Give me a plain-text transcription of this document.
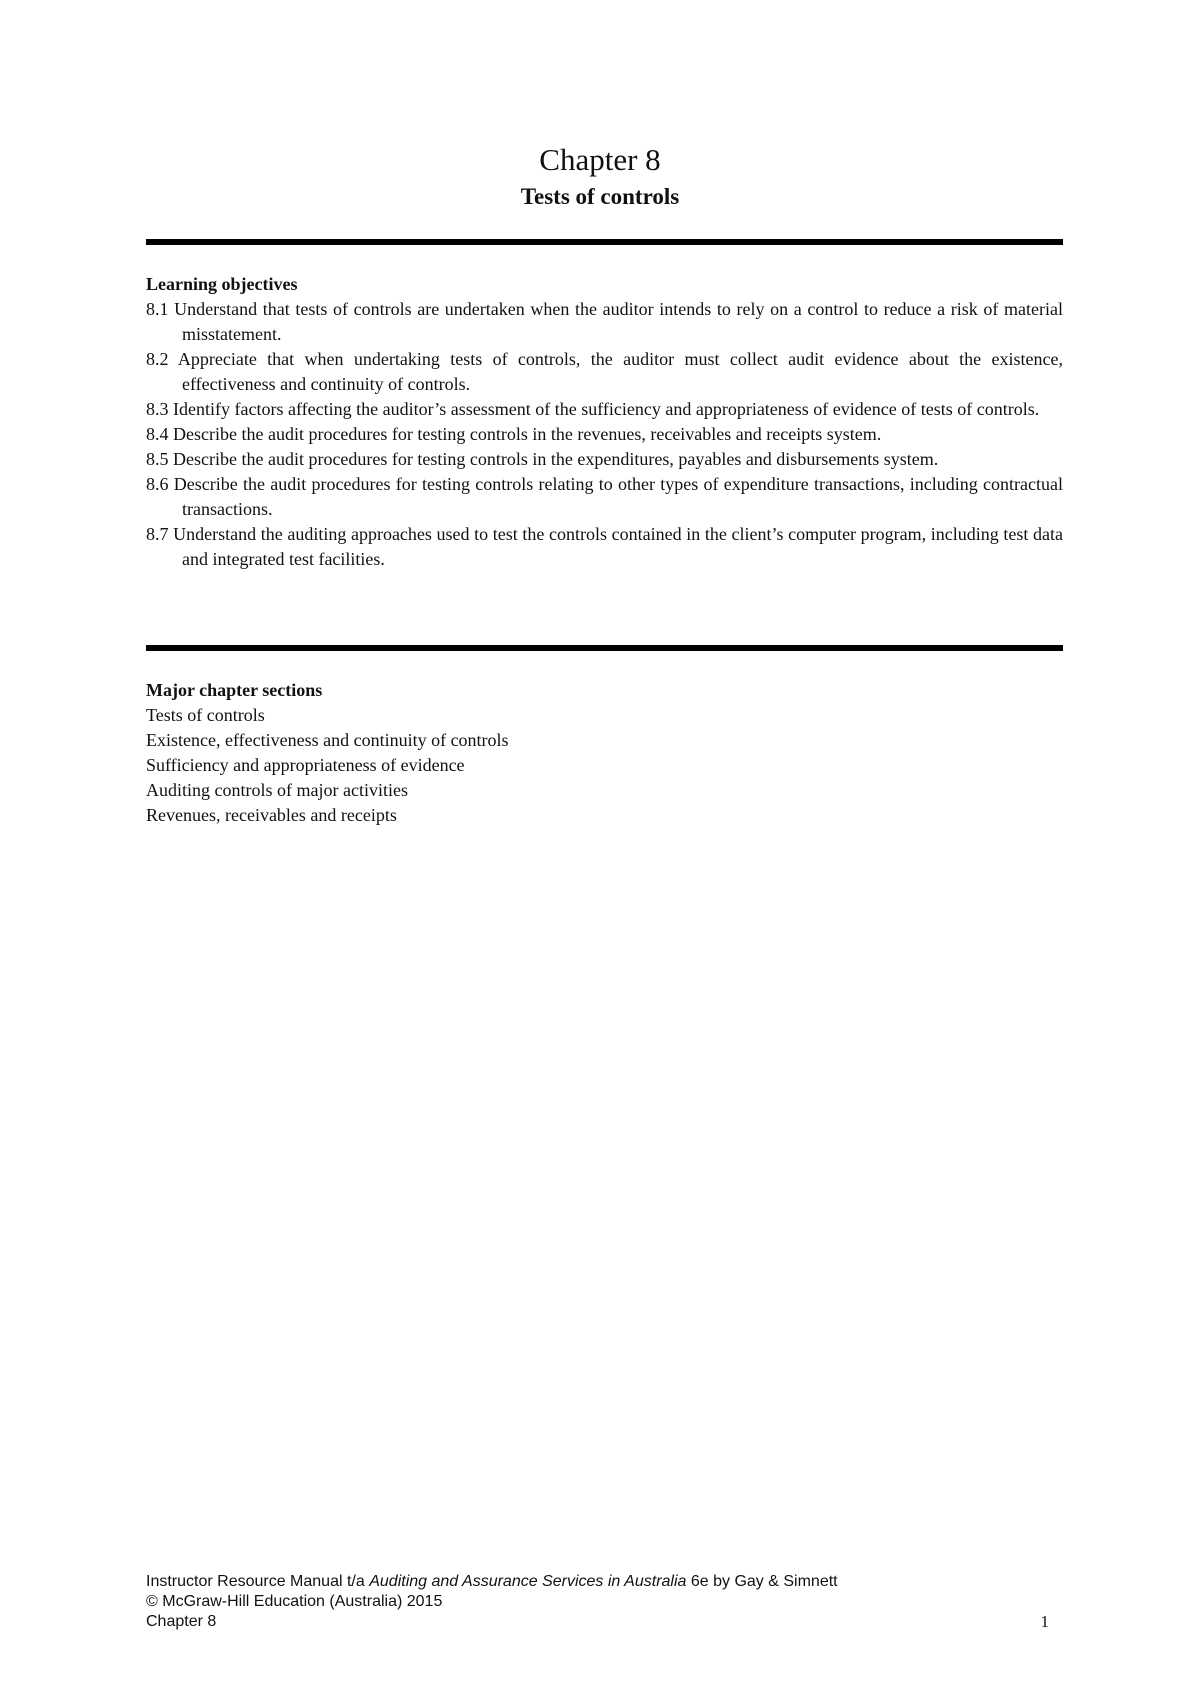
Chapter 8
Tests of controls
Learning objectives
8.1 Understand that tests of controls are undertaken when the auditor intends to rely on a control to reduce a risk of material misstatement.
8.2 Appreciate that when undertaking tests of controls, the auditor must collect audit evidence about the existence, effectiveness and continuity of controls.
8.3 Identify factors affecting the auditor’s assessment of the sufficiency and appropriateness of evidence of tests of controls.
8.4 Describe the audit procedures for testing controls in the revenues, receivables and receipts system.
8.5 Describe the audit procedures for testing controls in the expenditures, payables and disbursements system.
8.6 Describe the audit procedures for testing controls relating to other types of expenditure transactions, including contractual transactions.
8.7 Understand the auditing approaches used to test the controls contained in the client’s computer program, including test data and integrated test facilities.
Major chapter sections
Tests of controls
Existence, effectiveness and continuity of controls
Sufficiency and appropriateness of evidence
Auditing controls of major activities
Revenues, receivables and receipts
Instructor Resource Manual t/a Auditing and Assurance Services in Australia 6e by Gay & Simnett
© McGraw-Hill Education (Australia) 2015
Chapter 8	1
